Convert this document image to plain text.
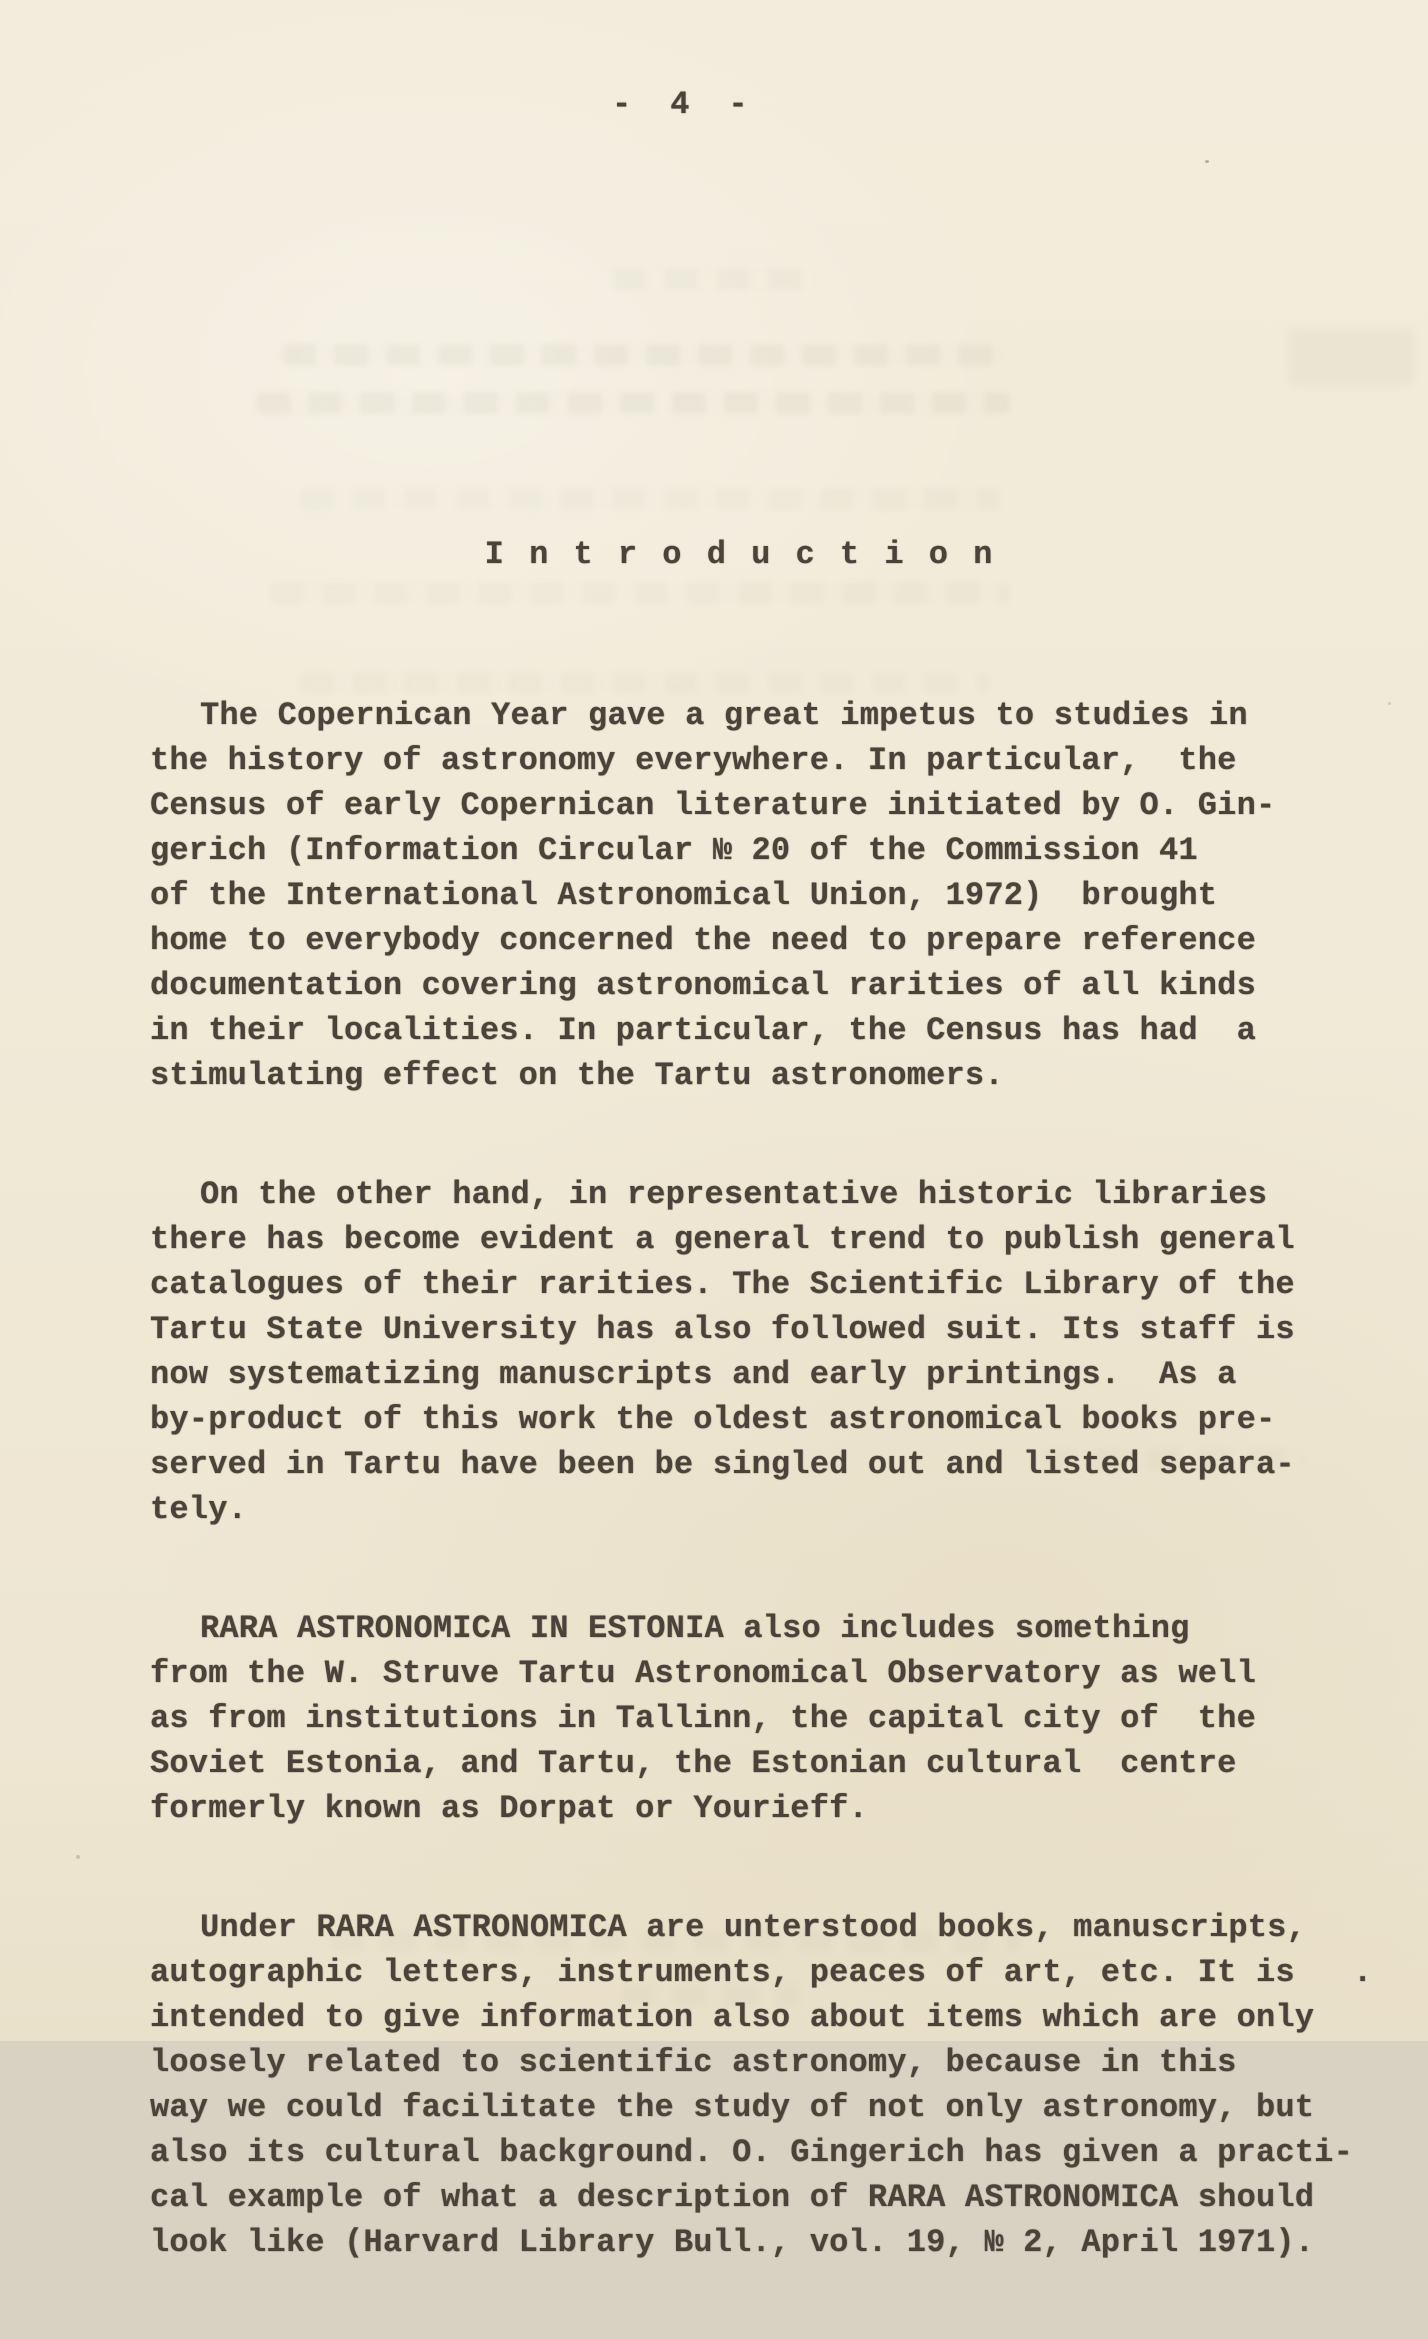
-  4  -

I n t r o d u c t i o n

The Copernican Year gave a great impetus to studies in
the history of astronomy everywhere. In particular,  the
Census of early Copernican literature initiated by O. Gin-
gerich (Information Circular № 20 of the Commission 41
of the International Astronomical Union, 1972)  brought
home to everybody concerned the need to prepare reference
documentation covering astronomical rarities of all kinds
in their localities. In particular, the Census has had  a
stimulating effect on the Tartu astronomers.

On the other hand, in representative historic libraries
there has become evident a general trend to publish general
catalogues of their rarities. The Scientific Library of the
Tartu State University has also followed suit. Its staff is
now systematizing manuscripts and early printings.  As a
by-product of this work the oldest astronomical books pre-
served in Tartu have been be singled out and listed separa-
tely.

RARA ASTRONOMICA IN ESTONIA also includes something
from the W. Struve Tartu Astronomical Observatory as well
as from institutions in Tallinn, the capital city of  the
Soviet Estonia, and Tartu, the Estonian cultural  centre
formerly known as Dorpat or Yourieff.

Under RARA ASTRONOMICA are unterstood books, manuscripts,
autographic letters, instruments, peaces of art, etc. It is   .
intended to give information also about items which are only
loosely related to scientific astronomy, because in this
way we could facilitate the study of not only astronomy, but
also its cultural background. O. Gingerich has given a practi-
cal example of what a description of RARA ASTRONOMICA should
look like (Harvard Library Bull., vol. 19, № 2, April 1971).
